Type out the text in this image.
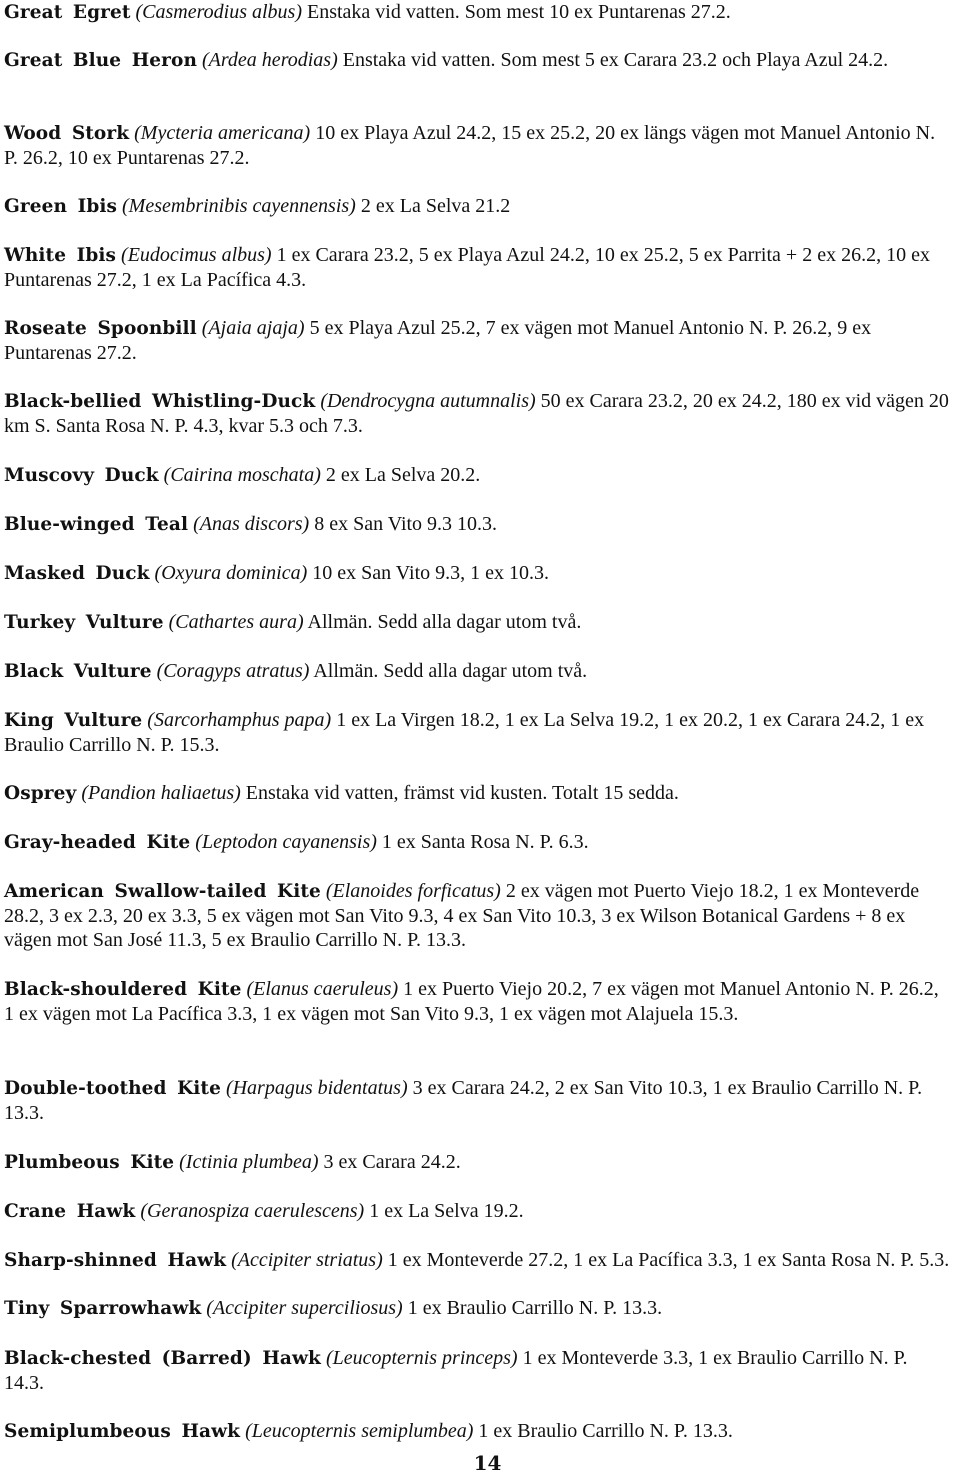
Great Egret (Casmerodius albus) Enstaka vid vatten. Som mest 10 ex Puntarenas 27.2.

Great Blue Heron (Ardea herodias) Enstaka vid vatten. Som mest 5 ex Carara 23.2 och Playa Azul 24.2.

Wood Stork (Mycteria americana) 10 ex Playa Azul 24.2, 15 ex 25.2, 20 ex längs vägen mot Manuel Antonio N. P. 26.2, 10 ex Puntarenas 27.2.

Green Ibis (Mesembrinibis cayennensis) 2 ex La Selva 21.2

White Ibis (Eudocimus albus) 1 ex Carara 23.2, 5 ex Playa Azul 24.2, 10 ex 25.2, 5 ex Parrita + 2 ex 26.2, 10 ex Puntarenas 27.2, 1 ex La Pacífica 4.3.

Roseate Spoonbill (Ajaia ajaja) 5 ex Playa Azul 25.2, 7 ex vägen mot Manuel Antonio N. P. 26.2, 9 ex Puntarenas 27.2.

Black-bellied Whistling-Duck (Dendrocygna autumnalis) 50 ex Carara 23.2, 20 ex 24.2, 180 ex vid vägen 20 km S. Santa Rosa N. P. 4.3, kvar 5.3 och 7.3.

Muscovy Duck (Cairina moschata) 2 ex La Selva 20.2.

Blue-winged Teal (Anas discors) 8 ex San Vito 9.3 10.3.

Masked Duck (Oxyura dominica) 10 ex San Vito 9.3, 1 ex 10.3.

Turkey Vulture (Cathartes aura) Allmän. Sedd alla dagar utom två.

Black Vulture (Coragyps atratus) Allmän. Sedd alla dagar utom två.

King Vulture (Sarcorhamphus papa) 1 ex La Virgen 18.2, 1 ex La Selva 19.2, 1 ex 20.2, 1 ex Carara 24.2, 1 ex Braulio Carrillo N. P. 15.3.

Osprey (Pandion haliaetus) Enstaka vid vatten, främst vid kusten. Totalt 15 sedda.

Gray-headed Kite (Leptodon cayanensis) 1 ex Santa Rosa N. P. 6.3.

American Swallow-tailed Kite (Elanoides forficatus) 2 ex vägen mot Puerto Viejo 18.2, 1 ex Monteverde 28.2, 3 ex 2.3, 20 ex 3.3, 5 ex vägen mot San Vito 9.3, 4 ex San Vito 10.3, 3 ex Wilson Botanical Gardens + 8 ex vägen mot San José 11.3, 5 ex Braulio Carrillo N. P. 13.3.

Black-shouldered Kite (Elanus caeruleus) 1 ex Puerto Viejo 20.2, 7 ex vägen mot Manuel Antonio N. P. 26.2, 1 ex vägen mot La Pacífica 3.3, 1 ex vägen mot San Vito 9.3, 1 ex vägen mot Alajuela 15.3.

Double-toothed Kite (Harpagus bidentatus) 3 ex Carara 24.2, 2 ex San Vito 10.3, 1 ex Braulio Carrillo N. P. 13.3.

Plumbeous Kite (Ictinia plumbea) 3 ex Carara 24.2.

Crane Hawk (Geranospiza caerulescens) 1 ex La Selva 19.2.

Sharp-shinned Hawk (Accipiter striatus) 1 ex Monteverde 27.2, 1 ex La Pacífica 3.3, 1 ex Santa Rosa N. P. 5.3.

Tiny Sparrowhawk (Accipiter superciliosus) 1 ex Braulio Carrillo N. P. 13.3.

Black-chested (Barred) Hawk (Leucopternis princeps) 1 ex Monteverde 3.3, 1 ex Braulio Carrillo N. P. 14.3.

Semiplumbeous Hawk (Leucopternis semiplumbea) 1 ex Braulio Carrillo N. P. 13.3.

14
